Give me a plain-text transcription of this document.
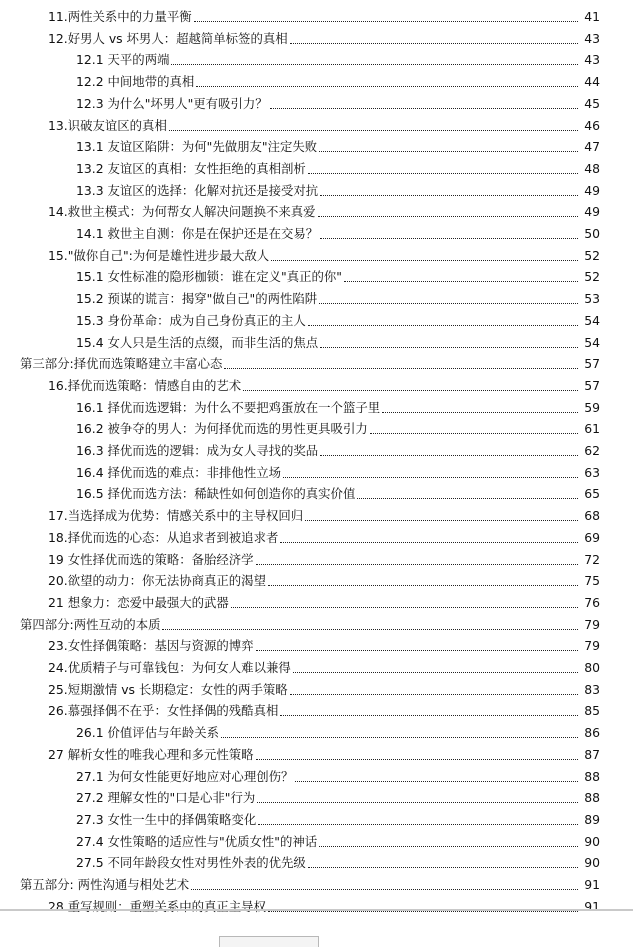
11.两性关系中的力量平衡	41
12.好男人 vs 坏男人：超越简单标签的真相	43
12.1 天平的两端	43
12.2 中间地带的真相	44
12.3 为什么"坏男人"更有吸引力？	45
13.识破友谊区的真相	46
13.1 友谊区陷阱：为何"先做朋友"注定失败	47
13.2 友谊区的真相：女性拒绝的真相剖析	48
13.3 友谊区的选择：化解对抗还是接受对抗	49
14.救世主模式：为何帮女人解决问题换不来真爱	49
14.1 救世主自测：你是在保护还是在交易？	50
15."做你自己":为何是雄性进步最大敌人	52
15.1 女性标准的隐形枷锁：谁在定义"真正的你"	52
15.2 预谋的谎言：揭穿"做自己"的两性陷阱	53
15.3 身份革命：成为自己身份真正的主人	54
15.4 女人只是生活的点缀，而非生活的焦点	54
第三部分:择优而选策略建立丰富心态	57
16.择优而选策略：情感自由的艺术	57
16.1 择优而选逻辑：为什么不要把鸡蛋放在一个篮子里	59
16.2 被争夺的男人：为何择优而选的男性更具吸引力	61
16.3 择优而选的逻辑：成为女人寻找的奖品	62
16.4 择优而选的难点：非排他性立场	63
16.5 择优而选方法：稀缺性如何创造你的真实价值	65
17.当选择成为优势：情感关系中的主导权回归	68
18.择优而选的心态：从追求者到被追求者	69
19 女性择优而选的策略：备胎经济学	72
20.欲望的动力：你无法协商真正的渴望	75
21 想象力：恋爱中最强大的武器	76
第四部分:两性互动的本质	79
23.女性择偶策略：基因与资源的博弈	79
24.优质精子与可靠钱包：为何女人难以兼得	80
25.短期激情 vs 长期稳定：女性的两手策略	83
26.慕强择偶不在乎：女性择偶的残酷真相	85
26.1 价值评估与年龄关系	86
27 解析女性的唯我心理和多元性策略	87
27.1 为何女性能更好地应对心理创伤？	88
27.2 理解女性的"口是心非"行为	88
27.3 女性一生中的择偶策略变化	89
27.4 女性策略的适应性与"优质女性"的神话	90
27.5 不同年龄段女性对男性外表的优先级	90
第五部分: 两性沟通与相处艺术	91
28.重写规则：重塑关系中的真正主导权	91
